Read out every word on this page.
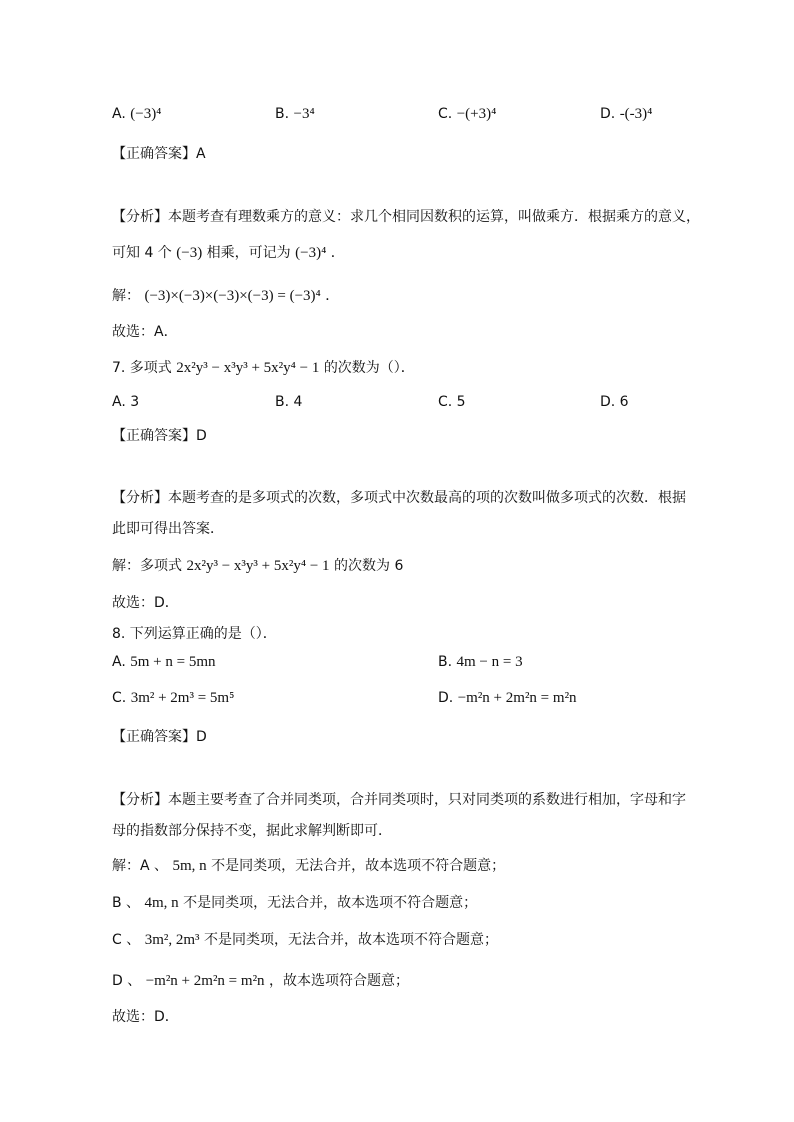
A. (−3)⁴	B. −3⁴	C. −(+3)⁴	D. -(-3)⁴
【正确答案】A
【分析】本题考查有理数乘方的意义：求几个相同因数积的运算，叫做乘方．根据乘方的意义，
可知 4 个 (−3) 相乘，可记为 (−3)⁴ ．
解： (−3)×(−3)×(−3)×(−3) = (−3)⁴ ．
故选：A．
7. 多项式 2x²y³ − x³y³ + 5x²y⁴ − 1 的次数为（）．
A. 3	B. 4	C. 5	D. 6
【正确答案】D
【分析】本题考查的是多项式的次数，多项式中次数最高的项的次数叫做多项式的次数．根据
此即可得出答案．
解：多项式 2x²y³ − x³y³ + 5x²y⁴ − 1 的次数为 6
故选：D．
8. 下列运算正确的是（）．
A. 5m + n = 5mn	B. 4m − n = 3
C. 3m² + 2m³ = 5m⁵	D. −m²n + 2m²n = m²n
【正确答案】D
【分析】本题主要考查了合并同类项，合并同类项时，只对同类项的系数进行相加，字母和字
母的指数部分保持不变，据此求解判断即可．
解：A 、 5m, n 不是同类项，无法合并，故本选项不符合题意；
B 、 4m, n 不是同类项，无法合并，故本选项不符合题意；
C 、 3m², 2m³ 不是同类项，无法合并，故本选项不符合题意；
D 、 −m²n + 2m²n = m²n ，故本选项符合题意；
故选：D．
